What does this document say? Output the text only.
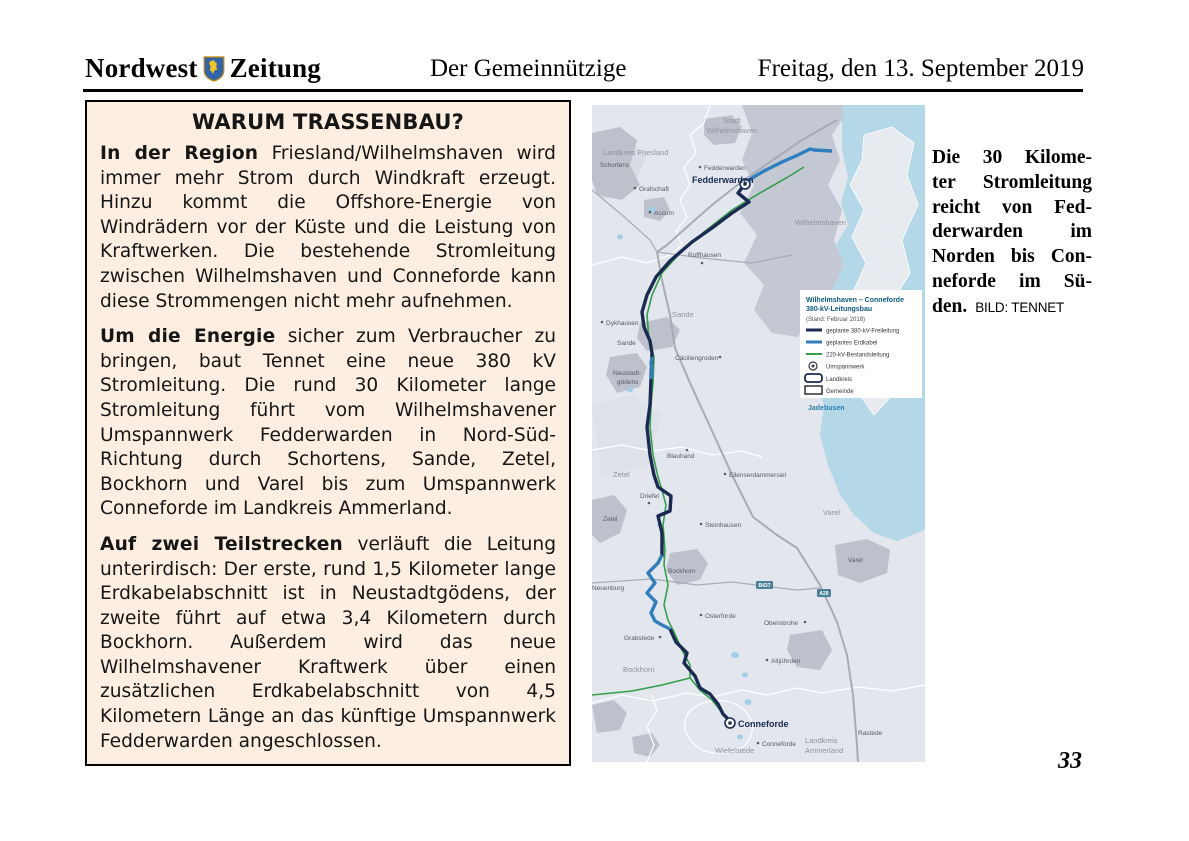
Nordwest Zeitung	Der Gemeinnützige	Freitag, den 13. September 2019
WARUM TRASSENBAU?

In der Region Friesland/Wilhelmshaven wird immer mehr Strom durch Windkraft erzeugt. Hinzu kommt die Offshore-Energie von Windrädern vor der Küste und die Leistung von Kraftwerken. Die bestehende Stromleitung zwischen Wilhelmshaven und Conneforde kann diese Strommengen nicht mehr aufnehmen.

Um die Energie sicher zum Verbraucher zu bringen, baut Tennet eine neue 380 kV Stromleitung. Die rund 30 Kilometer lange Stromleitung führt vom Wilhelmshavener Umspannwerk Fedderwarden in Nord-Süd-Richtung durch Schortens, Sande, Zetel, Bockhorn und Varel bis zum Umspannwerk Conneforde im Landkreis Ammerland.

Auf zwei Teilstrecken verläuft die Leitung unterirdisch: Der erste, rund 1,5 Kilometer lange Erdkabelabschnitt ist in Neustadtgödens, der zweite führt auf etwa 3,4 Kilometern durch Bockhorn. Außerdem wird das neue Wilhelmshavener Kraftwerk über einen zusätzlichen Erdkabelabschnitt von 4,5 Kilometern Länge an das künftige Umspannwerk Fedderwarden angeschlossen.

B437
A29
Wilhelmshaven – Conneforde
380-kV-Leitungsbau
(Stand: Februar 2018)
geplante 380-kV-Freileitung
geplantes Erdkabel
220-kV-Bestandsleitung
Umspannwerk
Landkreis
Gemeinde
Stadt
Wilhelmshaven
Landkreis Friesland
Schortens
Grafschaft
Fedderwarden
Fedderwarden
Accum
Wilhelmshaven
Roffhausen
Dykhausen
Sande
Sande
Cäciliengroden
Neustadt-
gödens
Jadebusen
Blauhand
Ellenserdammersiel
Zetel
Zetel
Driefel
Steinhausen
Varel
Varel
Bockhorn
Neuenburg
Osterforde
Obenstrohe
Grabstede
Bockhorn
Altjührden
Conneforde
Conneforde
Wiefelstede
Landkreis
Ammerland
Rastede
Die 30 Kilome-
ter Stromleitung
reicht von Fed-
derwarden im
Norden bis Con-
neforde im Sü-
den. BILD: TENNET
33
